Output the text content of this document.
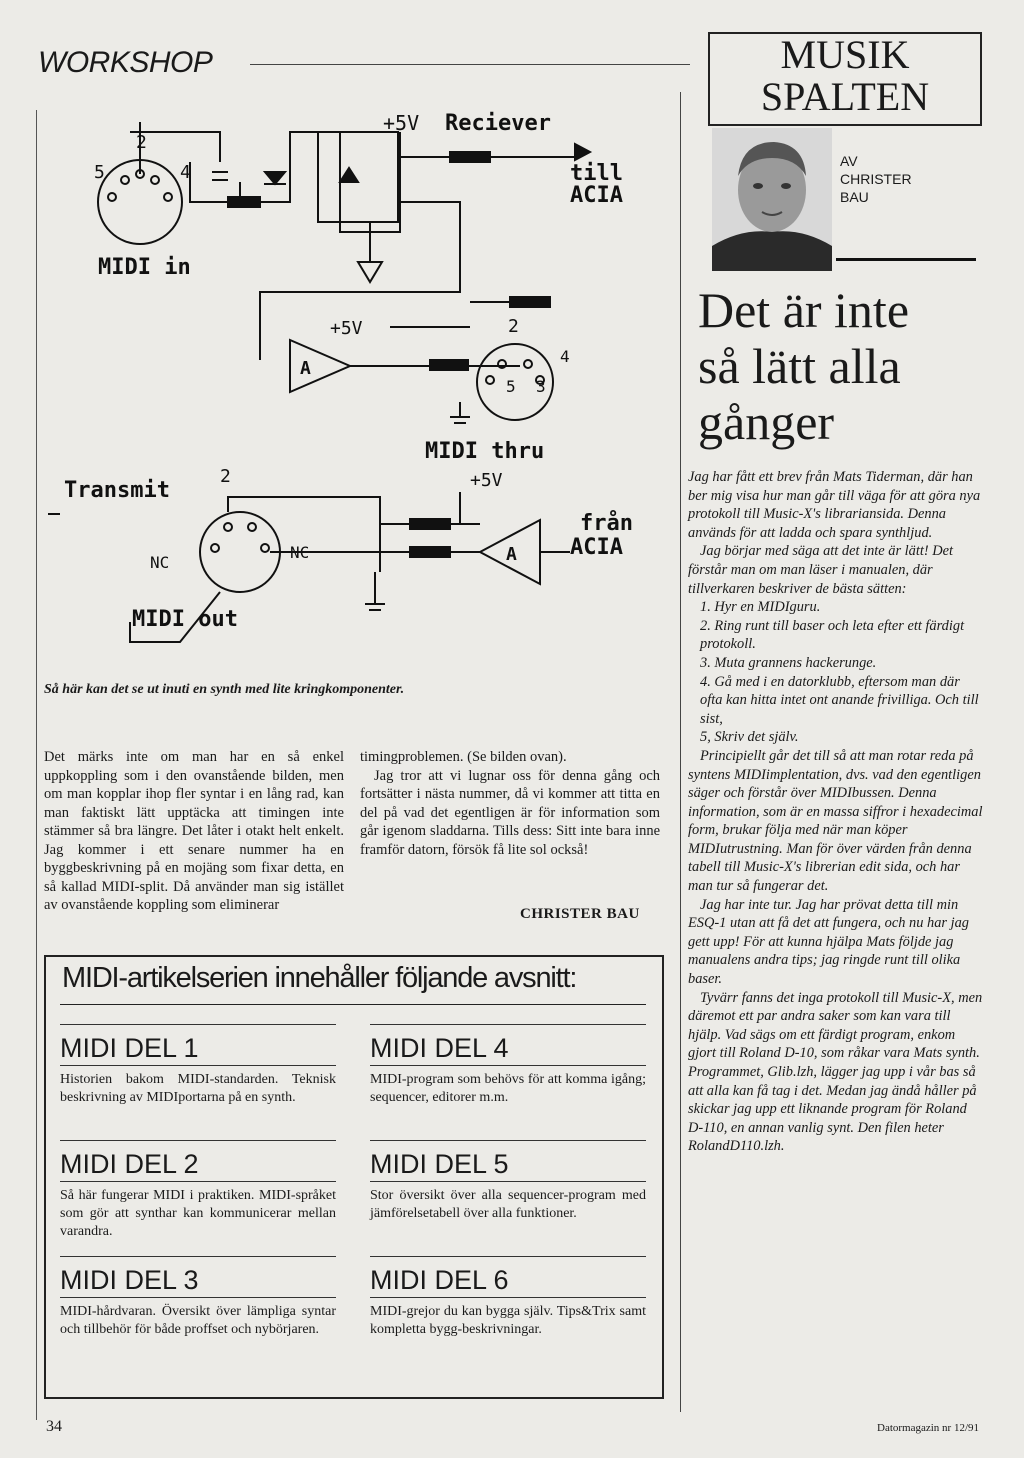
WORKSHOP	MUSIK
SPALTEN
AV
CHRISTER
BAU
Det är inte
så lätt alla
gånger

Jag har fått ett brev från Mats Tiderman, där han ber mig visa hur man går till väga för att göra nya protokoll till Music-X's librariansida. Denna används för att ladda och spara synthljud.

Jag börjar med säga att det inte är lätt! Det förstår man om man läser i manualen, där tillverkaren beskriver de bästa sätten:

1. Hyr en MIDIguru.

2. Ring runt till baser och leta efter ett färdigt protokoll.

3. Muta grannens hackerunge.

4. Gå med i en datorklubb, eftersom man där ofta kan hitta intet ont anande frivilliga. Och till sist,

5, Skriv det själv.

Principiellt går det till så att man rotar reda på syntens MIDIimplentation, dvs. vad den egentligen säger och förstår över MIDIbussen. Denna information, som är en massa siffror i hexadecimal form, brukar följa med när man köper MIDIutrustning. Man för över värden från denna tabell till Music-X's librerian edit sida, och har man tur så fungerar det.

Jag har inte tur. Jag har prövat detta till min ESQ-1 utan att få det att fungera, och nu har jag gett upp! För att kunna hjälpa Mats följde jag manualens andra tips; jag ringde runt till olika baser.

Tyvärr fanns det inga protokoll till Music-X, men däremot ett par andra saker som kan vara till hjälp. Vad sägs om ett färdigt program, enkom gjort till Roland D-10, som råkar vara Mats synth. Programmet, Glib.lzh, lägger jag upp i vår bas så att alla kan få tag i det. Medan jag ändå håller på skickar jag upp ett liknande program för Roland D-110, en annan vanlig synt. Den filen heter RolandD110.lzh.

+5V Reciever
till
ACIA
MIDI in
+5V
MIDI thru
+5V
Transmit
från
ACIA
MIDI out
NC
NC
A
A
2
5	4
2
4
5 3
2
Så här kan det se ut inuti en synth med lite kringkomponenter.

Det märks inte om man har en så enkel uppkoppling som i den ovanstående bilden, men om man kopplar ihop fler syntar i en lång rad, kan man faktiskt lätt upptäcka att timingen inte stämmer så bra längre. Det låter i otakt helt enkelt. Jag kommer i ett senare nummer ha en byggbeskrivning på en mojäng som fixar detta, en så kallad MIDI-split. Då använder man sig istället av ovanstående koppling som eliminerar

timingproblemen. (Se bilden ovan).

Jag tror att vi lugnar oss för denna gång och fortsätter i nästa nummer, då vi kommer att titta en del på vad det egentligen är för information som går igenom sladdarna. Tills dess: Sitt inte bara inne framför datorn, försök få lite sol också!

CHRISTER BAU
MIDI-artikelserien innehåller följande avsnitt:
MIDI DEL 1
Historien bakom MIDI-standarden. Teknisk beskrivning av MIDIportarna på en synth.
MIDI DEL 2
Så här fungerar MIDI i praktiken. MIDI-språket som gör att synthar kan kommunicerar mellan varandra.
MIDI DEL 3
MIDI-hårdvaran. Översikt över lämpliga syntar och tillbehör för både proffset och nybörjaren.
MIDI DEL 4
MIDI-program som behövs för att komma igång; sequencer, editorer m.m.
MIDI DEL 5
Stor översikt över alla sequencer-program med jämförelsetabell över alla funktioner.
MIDI DEL 6
MIDI-grejor du kan bygga själv. Tips&Trix samt kompletta bygg-beskrivningar.
34	Datormagazin nr 12/91
